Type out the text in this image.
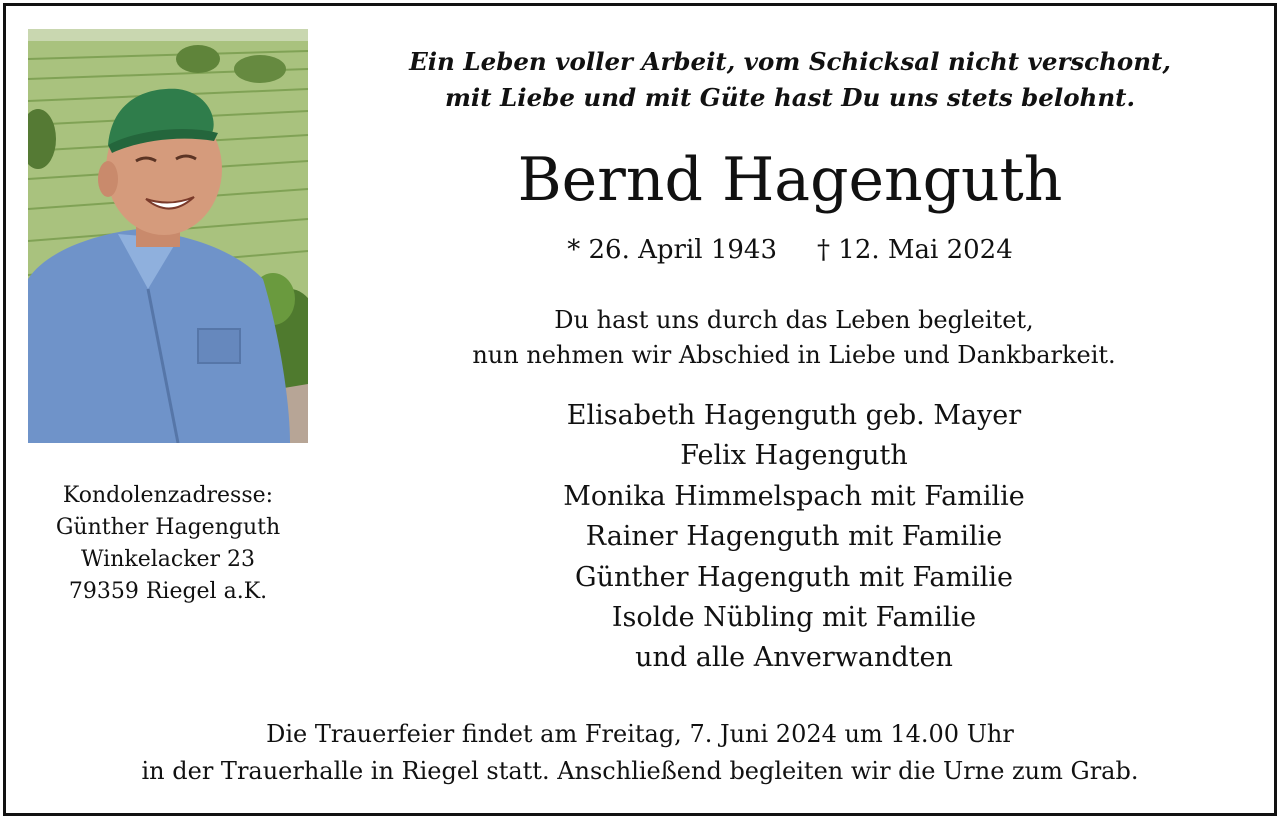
Kondolenzadresse:
Günther Hagenguth
Winkelacker 23
79359 Riegel a.K.
Ein Leben voller Arbeit, vom Schicksal nicht verschont,
mit Liebe und mit Güte hast Du uns stets belohnt.
Bernd Hagenguth
* 26. April 1943 † 12. Mai 2024
Du hast uns durch das Leben begleitet,
nun nehmen wir Abschied in Liebe und Dankbarkeit.
Elisabeth Hagenguth geb. Mayer
Felix Hagenguth
Monika Himmelspach mit Familie
Rainer Hagenguth mit Familie
Günther Hagenguth mit Familie
Isolde Nübling mit Familie
und alle Anverwandten
Die Trauerfeier findet am Freitag, 7. Juni 2024 um 14.00 Uhr
in der Trauerhalle in Riegel statt. Anschließend begleiten wir die Urne zum Grab.
